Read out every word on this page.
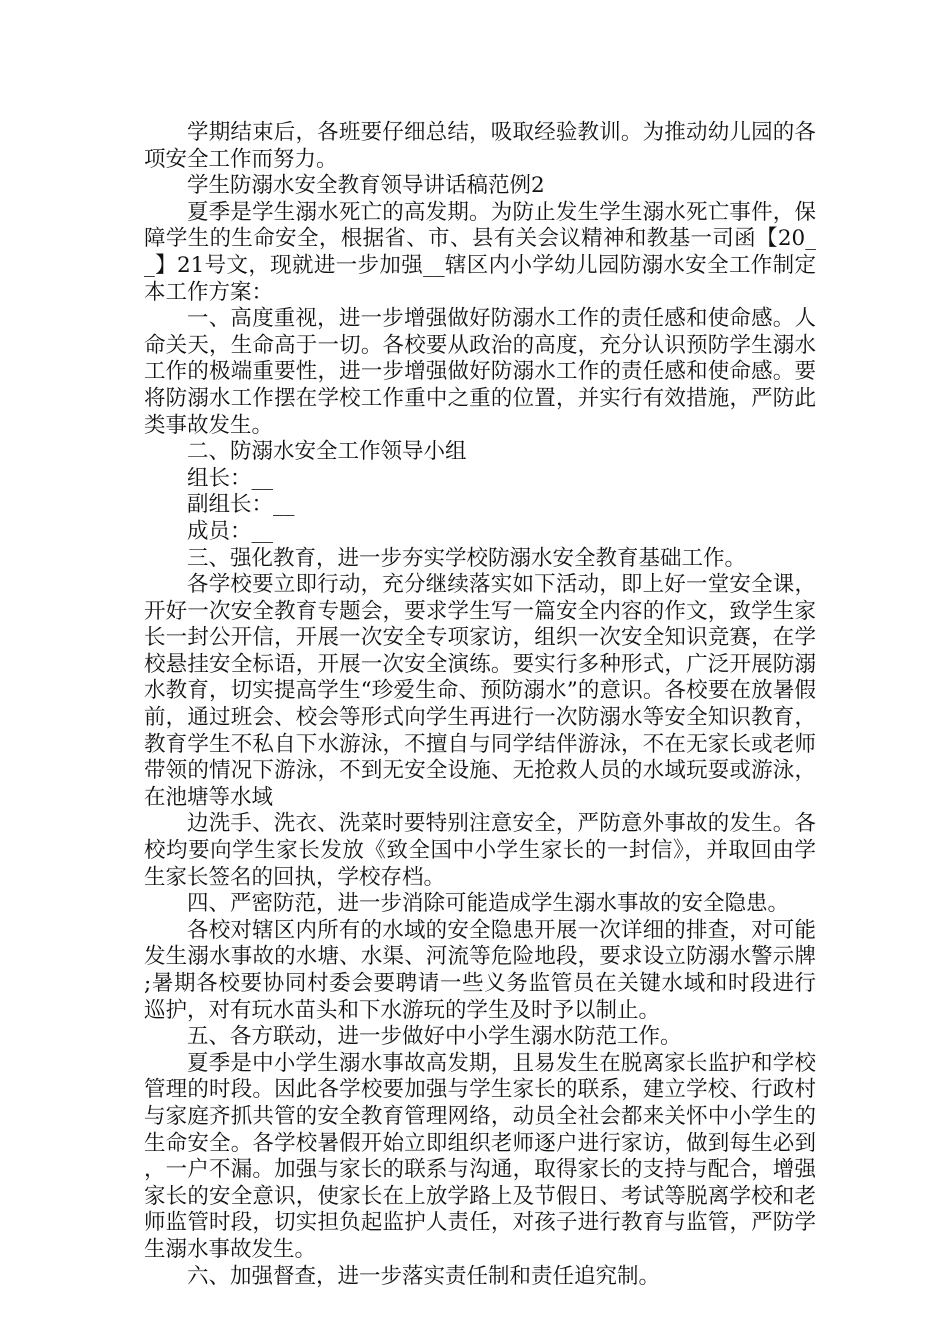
学期结束后，各班要仔细总结，吸取经验教训。为推动幼儿园的各项安全工作而努力。

学生防溺水安全教育领导讲话稿范例2

夏季是学生溺水死亡的高发期。为防止发生学生溺水死亡事件，保障学生的生命安全，根据省、市、县有关会议精神和教基一司函【20__】21号文，现就进一步加强__辖区内小学幼儿园防溺水安全工作制定本工作方案：

一、高度重视，进一步增强做好防溺水工作的责任感和使命感。人命关天，生命高于一切。各校要从政治的高度，充分认识预防学生溺水工作的极端重要性，进一步增强做好防溺水工作的责任感和使命感。要将防溺水工作摆在学校工作重中之重的位置，并实行有效措施，严防此类事故发生。

二、防溺水安全工作领导小组

组长：__

副组长：__

成员：__

三、强化教育，进一步夯实学校防溺水安全教育基础工作。

各学校要立即行动，充分继续落实如下活动，即上好一堂安全课，开好一次安全教育专题会，要求学生写一篇安全内容的作文，致学生家长一封公开信，开展一次安全专项家访，组织一次安全知识竞赛，在学校悬挂安全标语，开展一次安全演练。要实行多种形式，广泛开展防溺水教育，切实提高学生“珍爱生命、预防溺水”的意识。各校要在放暑假前，通过班会、校会等形式向学生再进行一次防溺水等安全知识教育，教育学生不私自下水游泳，不擅自与同学结伴游泳，不在无家长或老师带领的情况下游泳，不到无安全设施、无抢救人员的水域玩耍或游泳，在池塘等水域

边洗手、洗衣、洗菜时要特别注意安全，严防意外事故的发生。各校均要向学生家长发放《致全国中小学生家长的一封信》，并取回由学生家长签名的回执，学校存档。

四、严密防范，进一步消除可能造成学生溺水事故的安全隐患。

各校对辖区内所有的水域的安全隐患开展一次详细的排查，对可能发生溺水事故的水塘、水渠、河流等危险地段，要求设立防溺水警示牌;暑期各校要协同村委会要聘请一些义务监管员在关键水域和时段进行巡护，对有玩水苗头和下水游玩的学生及时予以制止。

五、各方联动，进一步做好中小学生溺水防范工作。

夏季是中小学生溺水事故高发期，且易发生在脱离家长监护和学校管理的时段。因此各学校要加强与学生家长的联系，建立学校、行政村与家庭齐抓共管的安全教育管理网络，动员全社会都来关怀中小学生的生命安全。各学校暑假开始立即组织老师逐户进行家访，做到每生必到，一户不漏。加强与家长的联系与沟通，取得家长的支持与配合，增强家长的安全意识，使家长在上放学路上及节假日、考试等脱离学校和老师监管时段，切实担负起监护人责任，对孩子进行教育与监管，严防学生溺水事故发生。

六、加强督查，进一步落实责任制和责任追究制。
